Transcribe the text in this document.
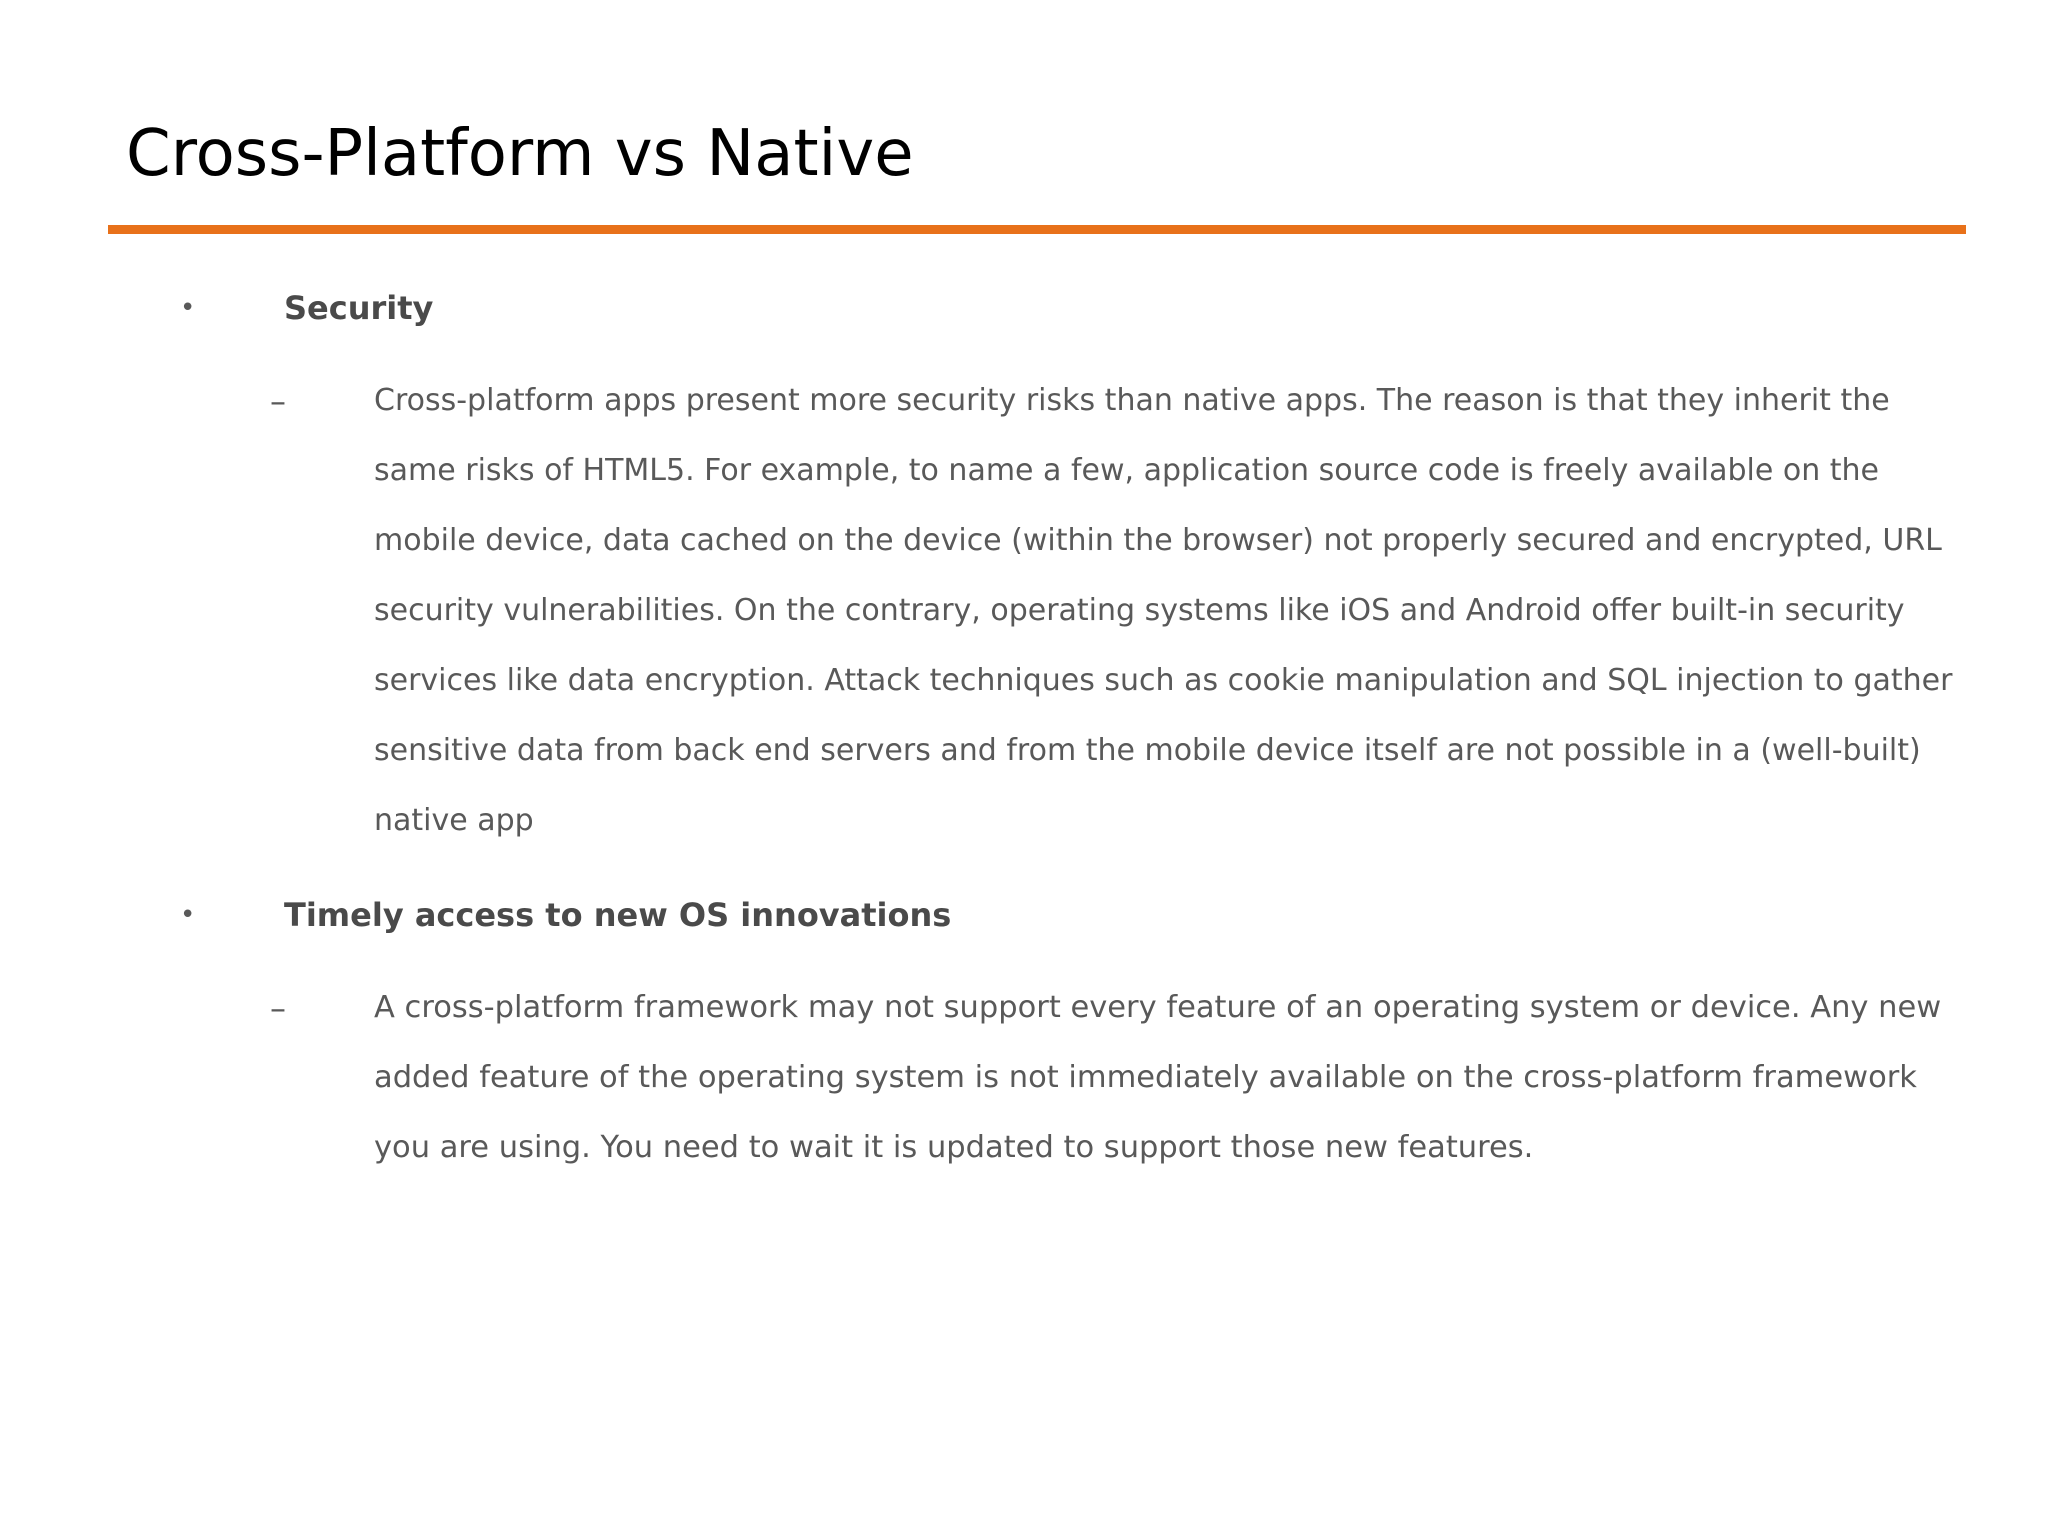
Cross-Platform vs Native
•	Security
–	Cross-platform apps present more security risks than native apps. The reason is that they inherit the
same risks of HTML5. For example, to name a few, application source code is freely available on the
mobile device, data cached on the device (within the browser) not properly secured and encrypted, URL
security vulnerabilities. On the contrary, operating systems like iOS and Android offer built-in security
services like data encryption. Attack techniques such as cookie manipulation and SQL injection to gather
sensitive data from back end servers and from the mobile device itself are not possible in a (well-built)
native app

•	Timely access to new OS innovations
–	A cross-platform framework may not support every feature of an operating system or device. Any new
added feature of the operating system is not immediately available on the cross-platform framework
you are using. You need to wait it is updated to support those new features.
